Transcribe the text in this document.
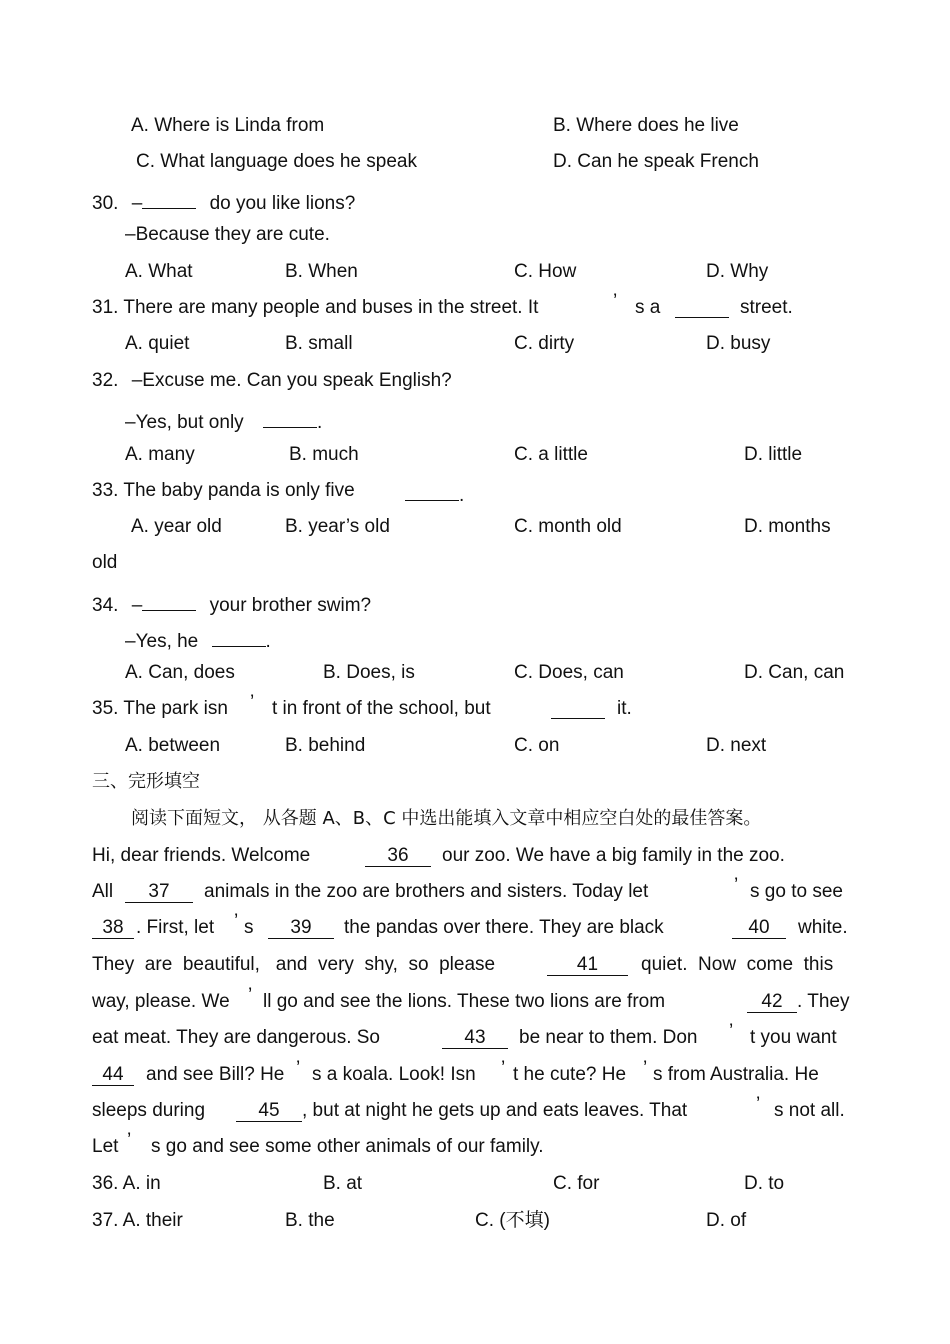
A. Where is Linda from	B. Where does he live
C. What language does he speak	D. Can he speak French
30. –	do you like lions?
–Because they are cute.
A. What	B. When	C. How	D. Why
31. There are many people and buses in the street. It	’ s a	street.
A. quiet	B. small	C. dirty	D. busy
32. –Excuse me. Can you speak English?
–Yes, but only	.
A. many	B. much	C. a little	D. little
33. The baby panda is only five	.
A. year old	B. year’s old	C. month old	D. months
old
34. –	your brother swim?
–Yes, he	.
A. Can, does	B. Does, is	C. Does, can	D. Can, can
35. The park isn ’ t in front of the school, but	it.
A. between	B. behind	C. on	D. next
三、完形填空
阅读下面短文， 从各题 A、B、C 中选出能填入文章中相应空白处的最佳答案。
Hi, dear friends. Welcome	36	our zoo. We have a big family in the zoo.
All	37	animals in the zoo are brothers and sisters. Today let	’ s go to see
38 . First, let ’ s	39	the pandas over there. They are black	40	white.
They  are  beautiful,   and  very  shy,  so  please	41	quiet.  Now  come  this
way, please. We ’ ll go and see the lions. These two lions are from	42 . They
eat meat. They are dangerous. So	43	be near to them. Don ’ t you want
44	and see Bill? He ’ s a koala. Look! Isn ’ t he cute? He ’ s from Australia. He
sleeps during	45	, but at night he gets up and eats leaves. That	’ s not all.
Let ’ s go and see some other animals of our family.
36. A. in	B. at	C. for	D. to
37. A. their	B. the	C. (不填)	D. of
